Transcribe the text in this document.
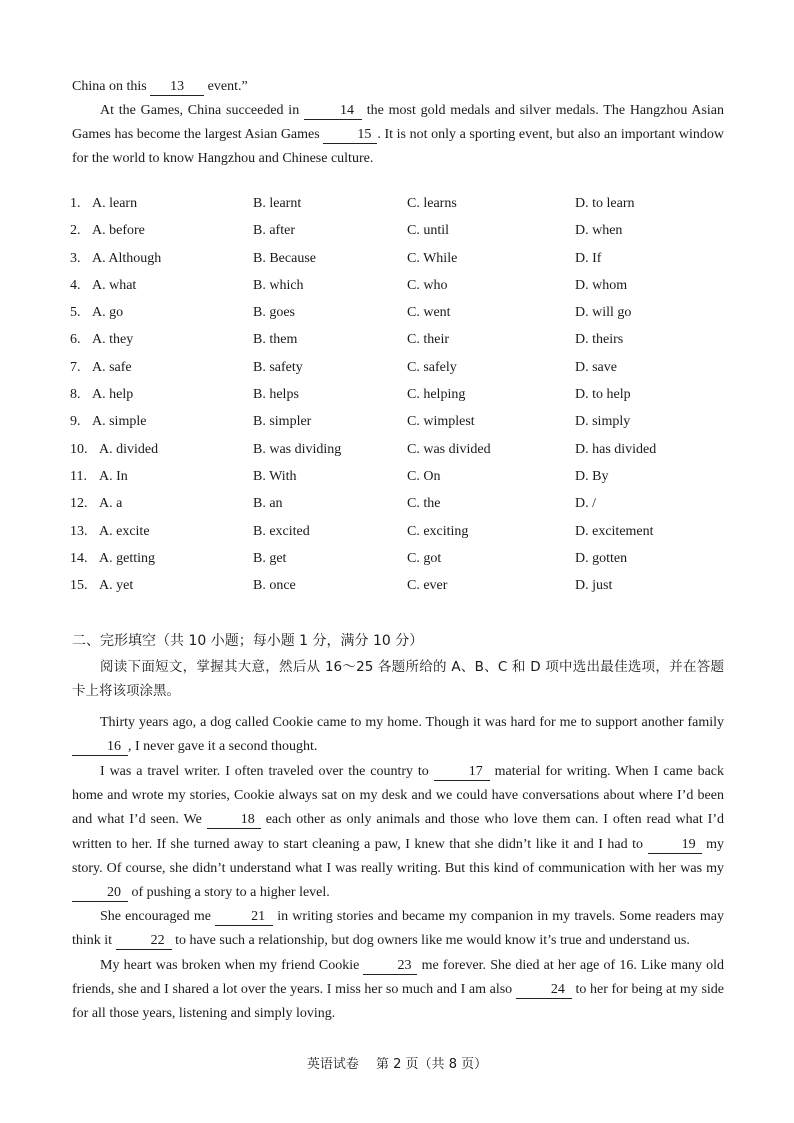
China on this 13 event.”

At the Games, China succeeded in	14 the most gold medals and silver medals. The Hangzhou Asian Games has become the largest Asian Games	15 . It is not only a sporting event, but also an important window for the world to know Hangzhou and Chinese culture.

1. A. learn	B. learnt	C. learns	D. to learn
2. A. before	B. after	C. until	D. when
3. A. Although	B. Because	C. While	D. If
4. A. what	B. which	C. who	D. whom
5. A. go	B. goes	C. went	D. will go
6. A. they	B. them	C. their	D. theirs
7. A. safe	B. safety	C. safely	D. save
8. A. help	B. helps	C. helping	D. to help
9. A. simple	B. simpler	C. wimplest	D. simply
10. A. divided	B. was dividing	C. was divided	D. has divided
11. A. In	B. With	C. On	D. By
12. A. a	B. an	C. the	D. /
13. A. excite	B. excited	C. exciting	D. excitement
14. A. getting	B. get	C. got	D. gotten
15. A. yet	B. once	C. ever	D. just
二、完形填空（共 10 小题；每小题 1 分，满分 10 分）

阅读下面短文，掌握其大意，然后从 16～25 各题所给的 A、B、C 和 D 项中选出最佳选项，并在答题卡上将该项涂黑。

Thirty years ago, a dog called Cookie came to my home. Though it was hard for me to support another family 16 , I never gave it a second thought.

I was a travel writer. I often traveled over the country to	17 material for writing. When I came back home and wrote my stories, Cookie always sat on my desk and we could have conversations about where I’d been and what I’d seen. We	18 each other as only animals and those who love them can. I often read what I’d written to her. If she turned away to start cleaning a paw, I knew that she didn’t like it and I had to	19 my story. Of course, she didn’t understand what I was really writing. But this kind of communication with her was my 20 of pushing a story to a higher level.

She encouraged me	21 in writing stories and became my companion in my travels. Some readers may think it	22 to have such a relationship, but dog owners like me would know it’s true and understand us.

My heart was broken when my friend Cookie	23 me forever. She died at her age of 16. Like many old friends, she and I shared a lot over the years. I miss her so much and I am also	24 to her for being at my side for all those years, listening and simply loving.

英语试卷　 第 2 页（共 8 页）
